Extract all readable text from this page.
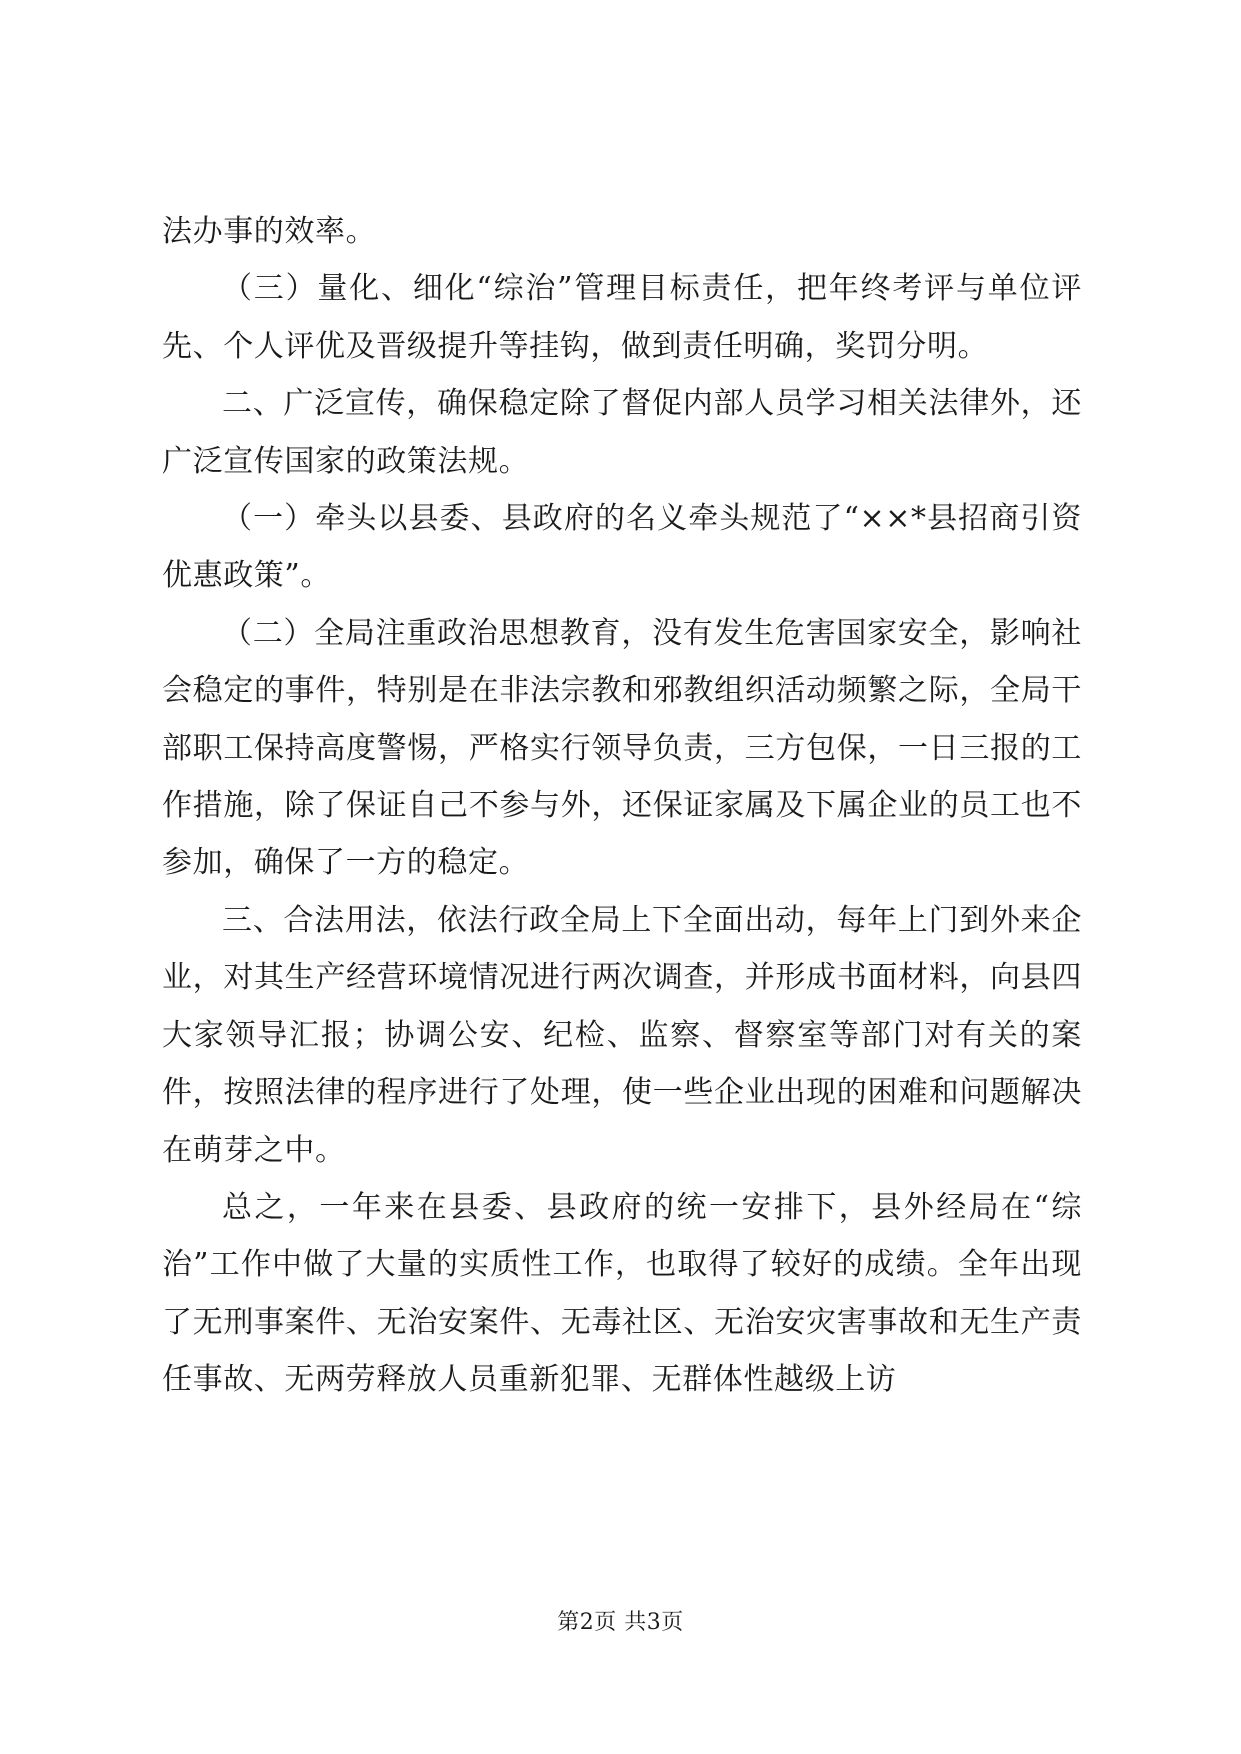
法办事的效率。

（三）量化、细化“综治”管理目标责任，把年终考评与单位评先、个人评优及晋级提升等挂钩，做到责任明确，奖罚分明。

二、广泛宣传，确保稳定除了督促内部人员学习相关法律外，还广泛宣传国家的政策法规。

（一）牵头以县委、县政府的名义牵头规范了“××*县招商引资优惠政策”。

（二）全局注重政治思想教育，没有发生危害国家安全，影响社会稳定的事件，特别是在非法宗教和邪教组织活动频繁之际，全局干部职工保持高度警惕，严格实行领导负责，三方包保，一日三报的工作措施，除了保证自己不参与外，还保证家属及下属企业的员工也不参加，确保了一方的稳定。

三、合法用法，依法行政全局上下全面出动，每年上门到外来企业，对其生产经营环境情况进行两次调查，并形成书面材料，向县四大家领导汇报；协调公安、纪检、监察、督察室等部门对有关的案件，按照法律的程序进行了处理，使一些企业出现的困难和问题解决在萌芽之中。

总之，一年来在县委、县政府的统一安排下，县外经局在“综治”工作中做了大量的实质性工作，也取得了较好的成绩。全年出现了无刑事案件、无治安案件、无毒社区、无治安灾害事故和无生产责任事故、无两劳释放人员重新犯罪、无群体性越级上访

第2页 共3页
